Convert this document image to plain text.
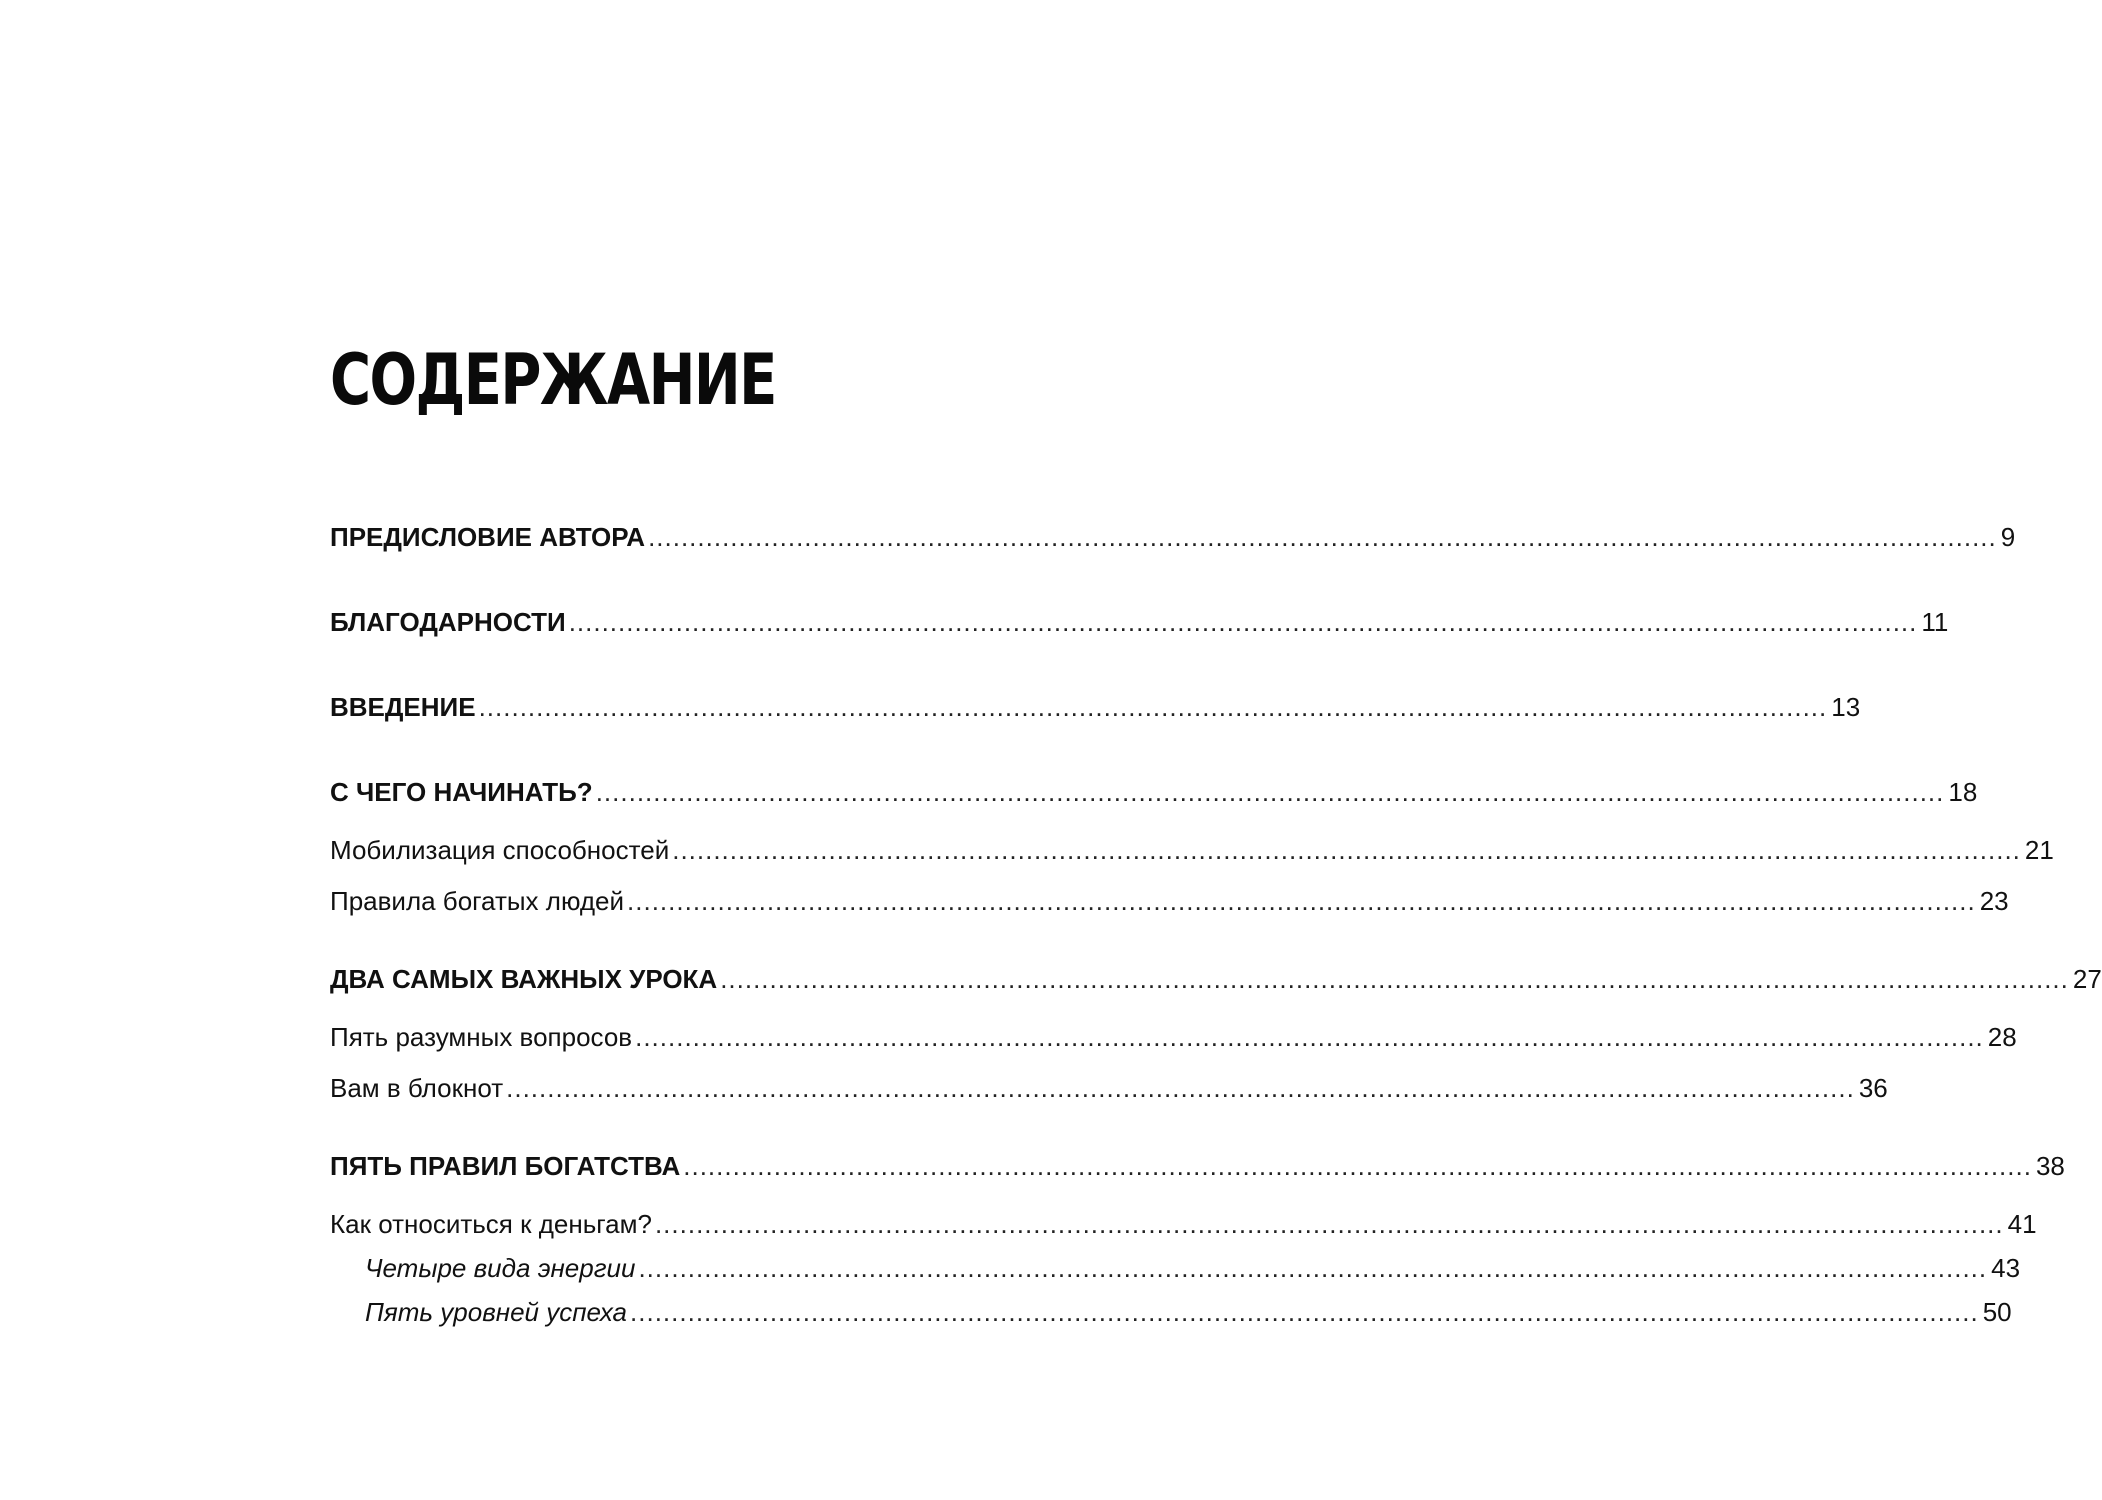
СОДЕРЖАНИЕ
ПРЕДИСЛОВИЕ АВТОРА .................................................................................................................................................................... 9
БЛАГОДАРНОСТИ .................................................................................................................................................................... 11
ВВЕДЕНИЕ .................................................................................................................................................................... 13
С ЧЕГО НАЧИНАТЬ? .................................................................................................................................................................... 18
Мобилизация способностей .................................................................................................................................................................... 21
Правила богатых людей .................................................................................................................................................................... 23
ДВА САМЫХ ВАЖНЫХ УРОКА .................................................................................................................................................................... 27
Пять разумных вопросов .................................................................................................................................................................... 28
Вам в блокнот .................................................................................................................................................................... 36
ПЯТЬ ПРАВИЛ БОГАТСТВА .................................................................................................................................................................... 38
Как относиться к деньгам? .................................................................................................................................................................... 41
Четыре вида энергии .................................................................................................................................................................... 43
Пять уровней успеха .................................................................................................................................................................... 50
